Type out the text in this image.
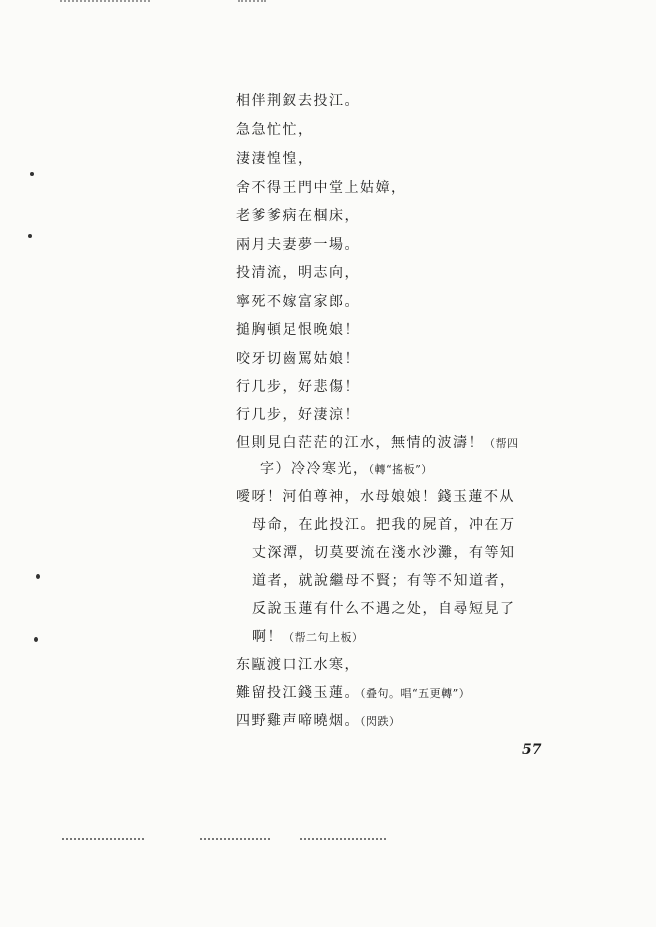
相伴荆釵去投江。
急急忙忙，
淒淒惶惶，
舍不得王門中堂上姑嫜，
老爹爹病在椢床，
兩月夫妻夢一場。
投清流，明志向，
寧死不嫁富家郎。
搥胸頓足恨晚娘！
咬牙切齒罵姑娘！
行几步，好悲傷！
行几步，好淒涼！
但則見白茫茫的江水，無情的波濤！（帮四
字）冷冷寒光，（轉“搖板”）
噯呀！河伯尊神，水母娘娘！錢玉蓮不从
母命，在此投江。把我的屍首，冲在万
丈深潭，切莫要流在淺水沙灘，有等知
道者，就說繼母不賢；有等不知道者，
反說玉蓮有什么不遇之处，自尋短見了
啊！（帮二句上板）
东甌渡口江水寒，
難留投江錢玉蓮。（叠句。唱“五更轉”）
四野雞声啼曉烟。（閃跌）
57
